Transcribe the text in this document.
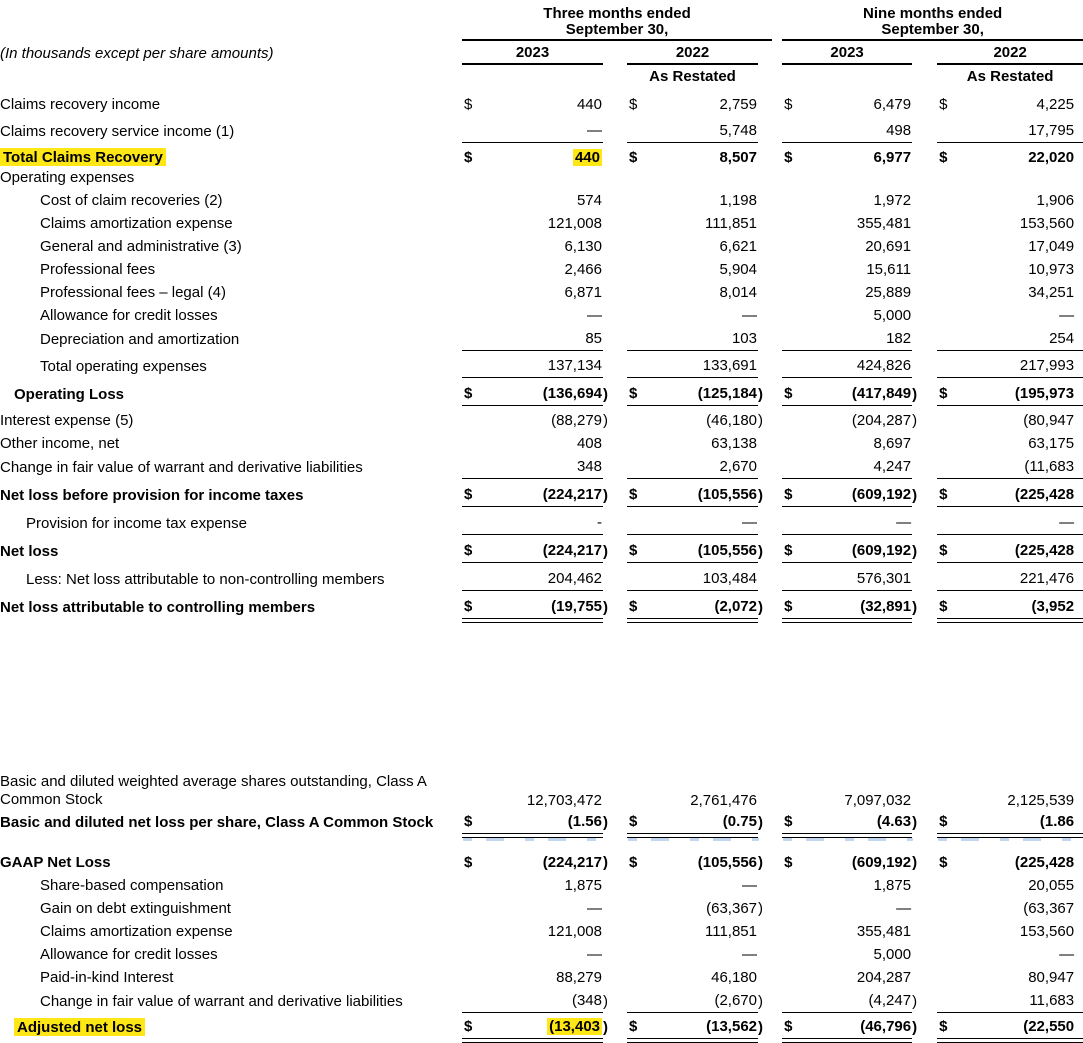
	Three months ended
September 30,								Nine months ended
September 30,						

(In thousands except per share amounts)	2023				2022				2023				2022		
					As Restated								As Restated		
Claims recovery income	$	440			$	2,759			$	6,479			$	4,225	
Claims recovery service income (1)		—				5,748				498				17,795	
Total Claims Recovery	$	440			$	8,507			$	6,977			$	22,020	
Operating expenses															
Cost of claim recoveries (2)		574				1,198				1,972				1,906	
Claims amortization expense		121,008				111,851				355,481				153,560	
General and administrative (3)		6,130				6,621				20,691				17,049	
Professional fees		2,466				5,904				15,611				10,973	
Professional fees – legal (4)		6,871				8,014				25,889				34,251	
Allowance for credit losses		—				—				5,000				—	
Depreciation and amortization		85				103				182				254	
Total operating expenses		137,134				133,691				424,826				217,993	
Operating Loss	$	(136,694	)		$	(125,184	)		$	(417,849	)		$	(195,973	
Interest expense (5)		(88,279	)			(46,180	)			(204,287	)			(80,947	
Other income, net		408				63,138				8,697				63,175	
Change in fair value of warrant and derivative liabilities		348				2,670				4,247				(11,683	
Net loss before provision for income taxes	$	(224,217	)		$	(105,556	)		$	(609,192	)		$	(225,428	
Provision for income tax expense		-				—				—				—	
Net loss	$	(224,217	)		$	(105,556	)		$	(609,192	)		$	(225,428	
Less: Net loss attributable to non-controlling members		204,462				103,484				576,301				221,476	
Net loss attributable to controlling members	$	(19,755	)		$	(2,072	)		$	(32,891	)		$	(3,952	

Basic and diluted weighted average shares outstanding, Class A Common Stock		12,703,472				2,761,476				7,097,032				2,125,539	
Basic and diluted net loss per share, Class A Common Stock	$	(1.56	)		$	(0.75	)		$	(4.63	)		$	(1.86	

GAAP Net Loss	$	(224,217	)		$	(105,556	)		$	(609,192	)		$	(225,428	
Share-based compensation		1,875				—				1,875				20,055	
Gain on debt extinguishment		—				(63,367	)			—				(63,367	
Claims amortization expense		121,008				111,851				355,481				153,560	
Allowance for credit losses		—				—				5,000				—	
Paid-in-kind Interest		88,279				46,180				204,287				80,947	
Change in fair value of warrant and derivative liabilities		(348	)			(2,670	)			(4,247	)			11,683	
Adjusted net loss	$	(13,403	)		$	(13,562	)		$	(46,796	)		$	(22,550	
